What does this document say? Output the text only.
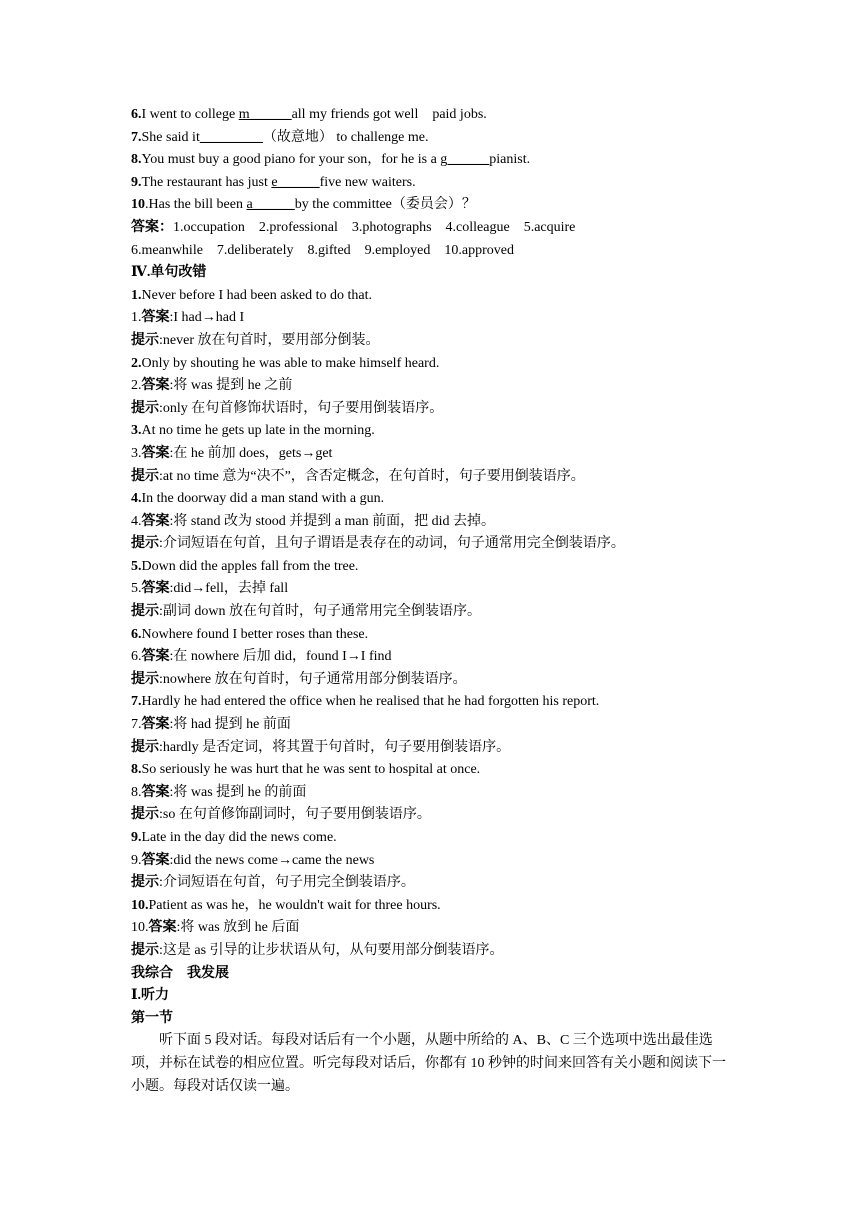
6.I went to college m______all my friends got well　paid jobs.
7.She said it_________（故意地） to challenge me.
8.You must buy a good piano for your son，for he is a g______pianist.
9.The restaurant has just e______five new waiters.
10.Has the bill been a______by the committee（委员会）？
答案：1.occupation　2.professional　3.photographs　4.colleague　5.acquire
6.meanwhile　7.deliberately　8.gifted　9.employed　10.approved
Ⅳ.单句改错
1.Never before I had been asked to do that.
1.答案:I had→had I
提示:never 放在句首时，要用部分倒装。
2.Only by shouting he was able to make himself heard.
2.答案:将 was 提到 he 之前
提示:only 在句首修饰状语时，句子要用倒装语序。
3.At no time he gets up late in the morning.
3.答案:在 he 前加 does，gets→get
提示:at no time 意为“决不”，含否定概念，在句首时，句子要用倒装语序。
4.In the doorway did a man stand with a gun.
4.答案:将 stand 改为 stood 并提到 a man 前面，把 did 去掉。
提示:介词短语在句首，且句子谓语是表存在的动词，句子通常用完全倒装语序。
5.Down did the apples fall from the tree.
5.答案:did→fell，去掉 fall
提示:副词 down 放在句首时，句子通常用完全倒装语序。
6.Nowhere found I better roses than these.
6.答案:在 nowhere 后加 did，found I→I find
提示:nowhere 放在句首时，句子通常用部分倒装语序。
7.Hardly he had entered the office when he realised that he had forgotten his report.
7.答案:将 had 提到 he 前面
提示:hardly 是否定词，将其置于句首时，句子要用倒装语序。
8.So seriously he was hurt that he was sent to hospital at once.
8.答案:将 was 提到 he 的前面
提示:so 在句首修饰副词时，句子要用倒装语序。
9.Late in the day did the news come.
9.答案:did the news come→came the news
提示:介词短语在句首，句子用完全倒装语序。
10.Patient as was he，he wouldn't wait for three hours.
10.答案:将 was 放到 he 后面
提示:这是 as 引导的让步状语从句，从句要用部分倒装语序。
我综合　我发展
Ⅰ.听力
第一节
听下面 5 段对话。每段对话后有一个小题，从题中所给的 A、B、C 三个选项中选出最佳选项，并标在试卷的相应位置。听完每段对话后，你都有 10 秒钟的时间来回答有关小题和阅读下一小题。每段对话仅读一遍。
